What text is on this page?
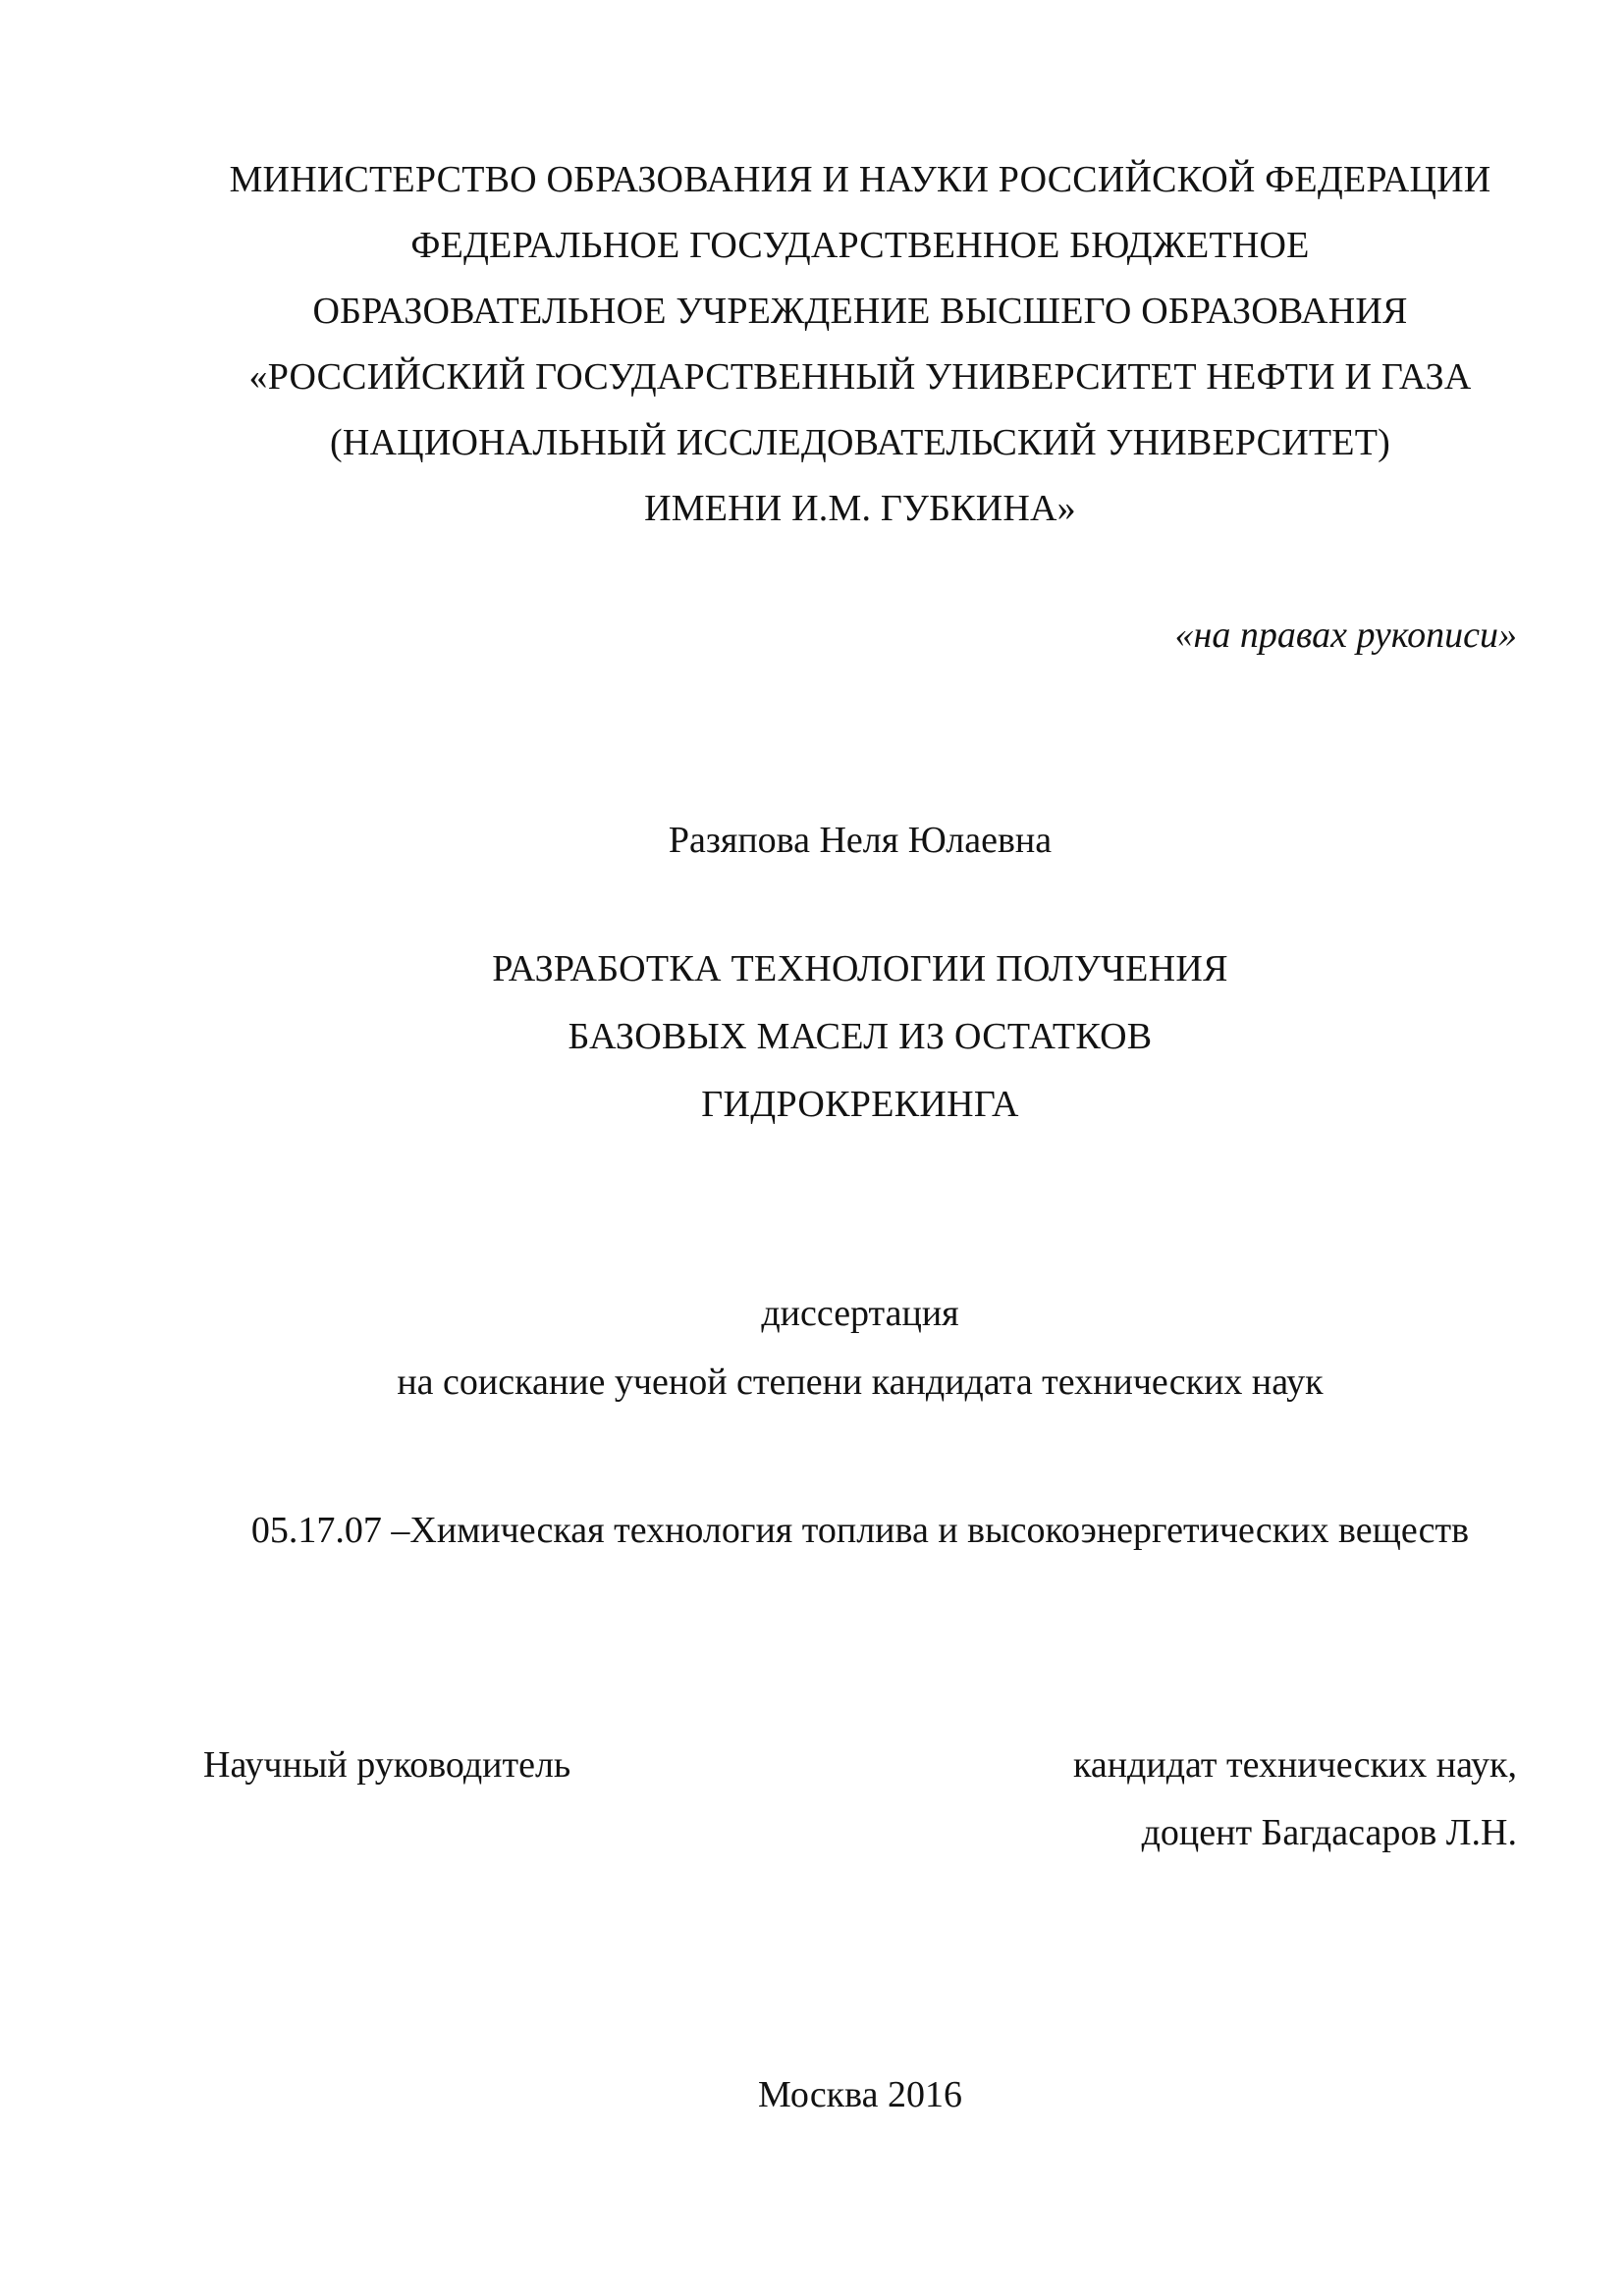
МИНИСТЕРСТВО ОБРАЗОВАНИЯ И НАУКИ РОССИЙСКОЙ ФЕДЕРАЦИИ
ФЕДЕРАЛЬНОЕ ГОСУДАРСТВЕННОЕ БЮДЖЕТНОЕ
ОБРАЗОВАТЕЛЬНОЕ УЧРЕЖДЕНИЕ ВЫСШЕГО ОБРАЗОВАНИЯ
«РОССИЙСКИЙ ГОСУДАРСТВЕННЫЙ УНИВЕРСИТЕТ НЕФТИ И ГАЗА
(НАЦИОНАЛЬНЫЙ ИССЛЕДОВАТЕЛЬСКИЙ УНИВЕРСИТЕТ)
ИМЕНИ И.М. ГУБКИНА»
«на правах рукописи»
Разяпова Неля Юлаевна
РАЗРАБОТКА ТЕХНОЛОГИИ ПОЛУЧЕНИЯ
БАЗОВЫХ МАСЕЛ ИЗ ОСТАТКОВ
ГИДРОКРЕКИНГА
диссертация
на соискание ученой степени кандидата технических наук
05.17.07 –Химическая технология топлива и высокоэнергетических веществ
Научный руководитель	кандидат технических наук,
доцент Багдасаров Л.Н.
Москва 2016
